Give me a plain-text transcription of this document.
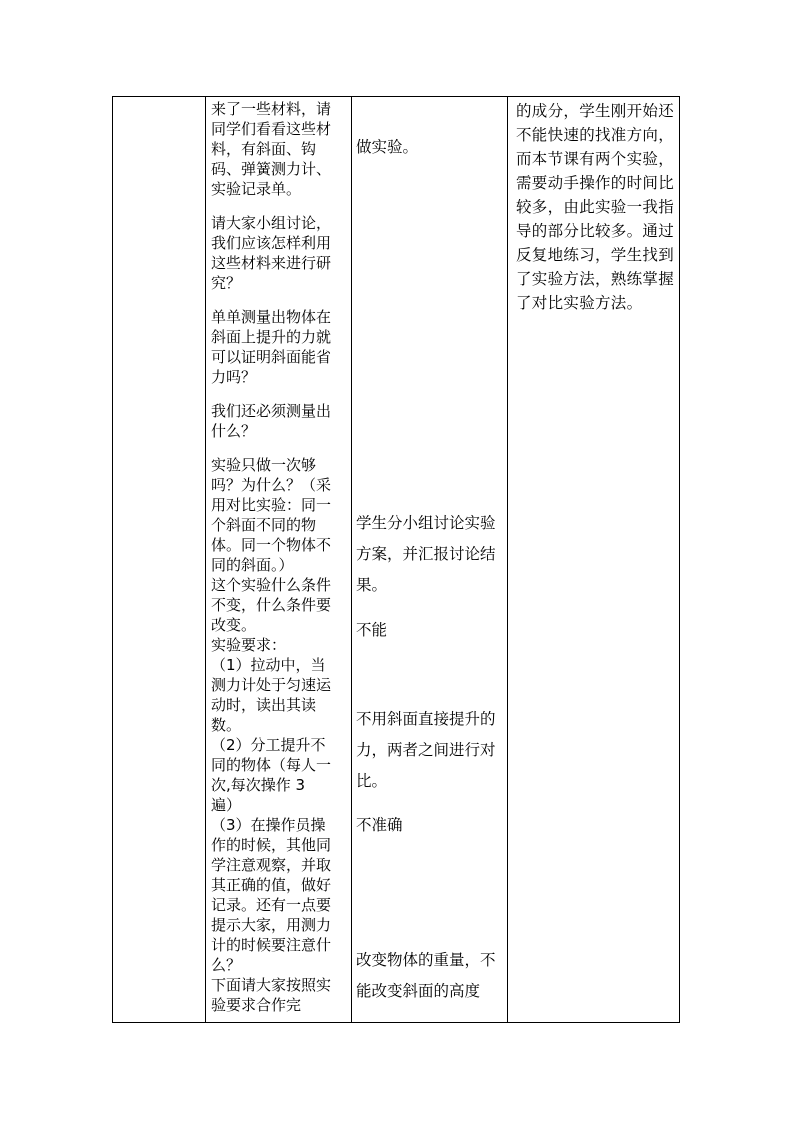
来了一些材料，请同学们看看这些材料，有斜面、钩码、弹簧测力计、实验记录单。

请大家小组讨论，我们应该怎样利用这些材料来进行研究？

单单测量出物体在斜面上提升的力就可以证明斜面能省力吗？

我们还必须测量出什么？

实验只做一次够吗？为什么？（采用对比实验：同一个斜面不同的物体。同一个物体不同的斜面。）
这个实验什么条件不变，什么条件要改变。
实验要求：
（1）拉动中，当测力计处于匀速运动时，读出其读数。
（2）分工提升不同的物体（每人一次,每次操作 3 遍）
（3）在操作员操作的时候，其他同学注意观察，并取其正确的值，做好记录。还有一点要提示大家，用测力计的时候要注意什么？
下面请大家按照实验要求合作完

做实验。

学生分小组讨论实验方案，并汇报讨论结果。

不能

不用斜面直接提升的力，两者之间进行对比。

不准确

改变物体的重量，不能改变斜面的高度

的成分，学生刚开始还不能快速的找准方向，而本节课有两个实验，需要动手操作的时间比较多，由此实验一我指导的部分比较多。通过反复地练习，学生找到了实验方法，熟练掌握了对比实验方法。
